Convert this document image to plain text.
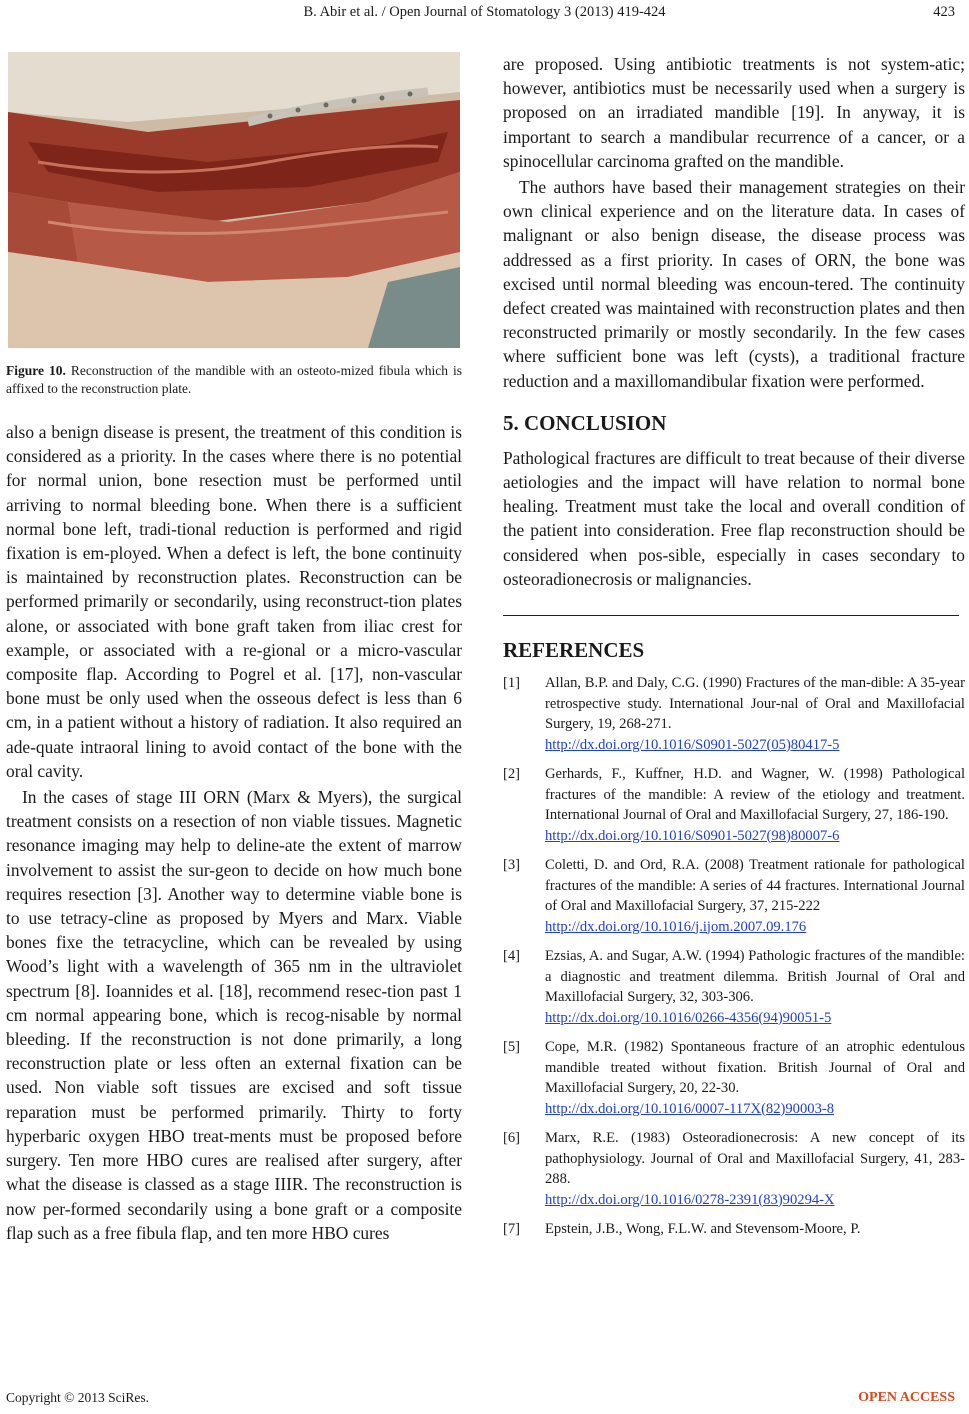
B. Abir et al. / Open Journal of Stomatology 3 (2013) 419-424	423
Figure 10. Reconstruction of the mandible with an osteoto-mized fibula which is affixed to the reconstruction plate.

also a benign disease is present, the treatment of this condition is considered as a priority. In the cases where there is no potential for normal union, bone resection must be performed until arriving to normal bleeding bone. When there is a sufficient normal bone left, tradi-tional reduction is performed and rigid fixation is em-ployed. When a defect is left, the bone continuity is maintained by reconstruction plates. Reconstruction can be performed primarily or secondarily, using reconstruct-tion plates alone, or associated with bone graft taken from iliac crest for example, or associated with a re-gional or a micro-vascular composite flap. According to Pogrel et al. [17], non-vascular bone must be only used when the osseous defect is less than 6 cm, in a patient without a history of radiation. It also required an ade-quate intraoral lining to avoid contact of the bone with the oral cavity.

In the cases of stage III ORN (Marx & Myers), the surgical treatment consists on a resection of non viable tissues. Magnetic resonance imaging may help to deline-ate the extent of marrow involvement to assist the sur-geon to decide on how much bone requires resection [3]. Another way to determine viable bone is to use tetracy-cline as proposed by Myers and Marx. Viable bones fixe the tetracycline, which can be revealed by using Wood’s light with a wavelength of 365 nm in the ultraviolet spectrum [8]. Ioannides et al. [18], recommend resec-tion past 1 cm normal appearing bone, which is recog-nisable by normal bleeding. If the reconstruction is not done primarily, a long reconstruction plate or less often an external fixation can be used. Non viable soft tissues are excised and soft tissue reparation must be performed primarily. Thirty to forty hyperbaric oxygen HBO treat-ments must be proposed before surgery. Ten more HBO cures are realised after surgery, after what the disease is classed as a stage IIIR. The reconstruction is now per-formed secondarily using a bone graft or a composite flap such as a free fibula flap, and ten more HBO cures

are proposed. Using antibiotic treatments is not system-atic; however, antibiotics must be necessarily used when a surgery is proposed on an irradiated mandible [19]. In anyway, it is important to search a mandibular recurrence of a cancer, or a spinocellular carcinoma grafted on the mandible.

The authors have based their management strategies on their own clinical experience and on the literature data. In cases of malignant or also benign disease, the disease process was addressed as a first priority. In cases of ORN, the bone was excised until normal bleeding was encoun-tered. The continuity defect created was maintained with reconstruction plates and then reconstructed primarily or mostly secondarily. In the few cases where sufficient bone was left (cysts), a traditional fracture reduction and a maxillomandibular fixation were performed.

5. CONCLUSION

Pathological fractures are difficult to treat because of their diverse aetiologies and the impact will have relation to normal bone healing. Treatment must take the local and overall condition of the patient into consideration. Free flap reconstruction should be considered when pos-sible, especially in cases secondary to osteoradionecrosis or malignancies.

REFERENCES
[1]	Allan, B.P. and Daly, C.G. (1990) Fractures of the man-dible: A 35-year retrospective study. International Jour-nal of Oral and Maxillofacial Surgery, 19, 268-271.
http://dx.doi.org/10.1016/S0901-5027(05)80417-5
[2]	Gerhards, F., Kuffner, H.D. and Wagner, W. (1998) Pathological fractures of the mandible: A review of the etiology and treatment. International Journal of Oral and Maxillofacial Surgery, 27, 186-190.
http://dx.doi.org/10.1016/S0901-5027(98)80007-6
[3]	Coletti, D. and Ord, R.A. (2008) Treatment rationale for pathological fractures of the mandible: A series of 44 fractures. International Journal of Oral and Maxillofacial Surgery, 37, 215-222
http://dx.doi.org/10.1016/j.ijom.2007.09.176
[4]	Ezsias, A. and Sugar, A.W. (1994) Pathologic fractures of the mandible: a diagnostic and treatment dilemma. British Journal of Oral and Maxillofacial Surgery, 32, 303-306.
http://dx.doi.org/10.1016/0266-4356(94)90051-5
[5]	Cope, M.R. (1982) Spontaneous fracture of an atrophic edentulous mandible treated without fixation. British Journal of Oral and Maxillofacial Surgery, 20, 22-30.
http://dx.doi.org/10.1016/0007-117X(82)90003-8
[6]	Marx, R.E. (1983) Osteoradionecrosis: A new concept of its pathophysiology. Journal of Oral and Maxillofacial Surgery, 41, 283-288.
http://dx.doi.org/10.1016/0278-2391(83)90294-X
[7]	Epstein, J.B., Wong, F.L.W. and Stevensom-Moore, P.
Copyright © 2013 SciRes.	OPEN ACCESS
